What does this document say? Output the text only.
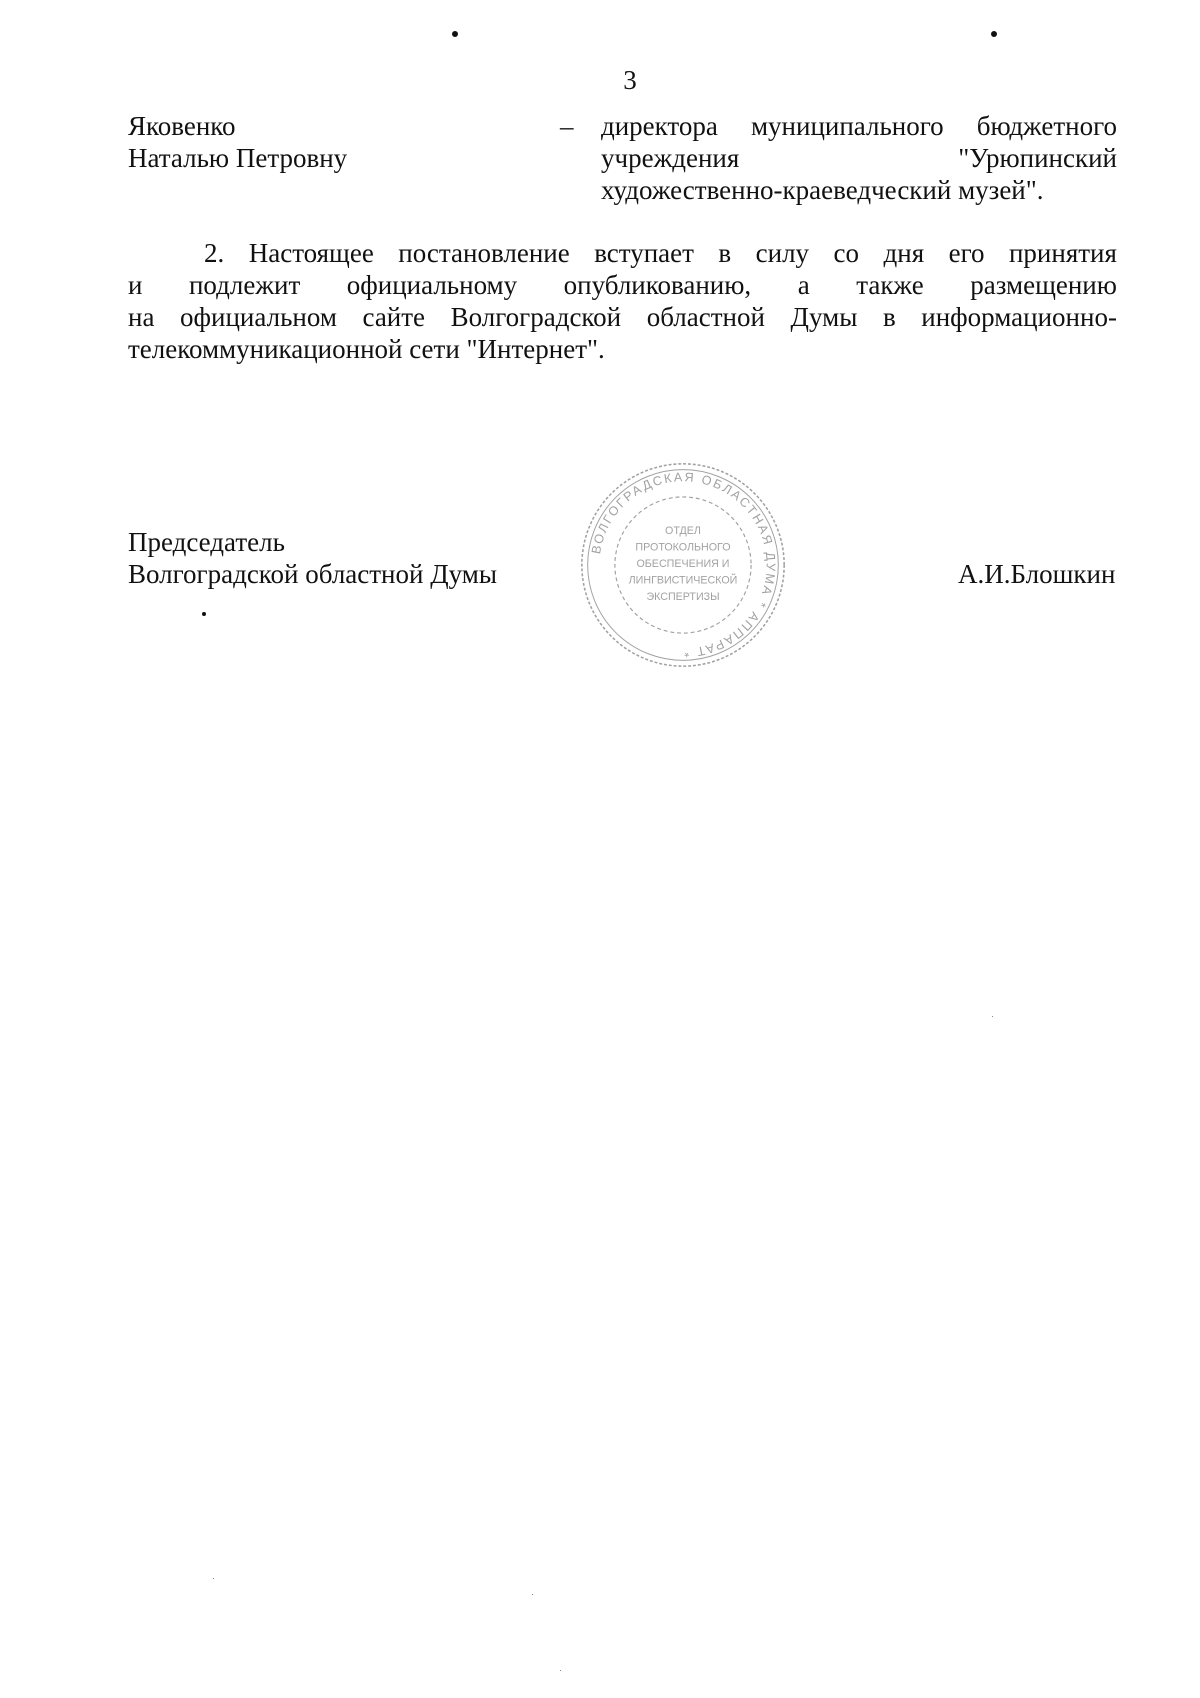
3
Яковенко
Наталью Петровну
– директора муниципального бюджетного
учреждения	"Урюпинский
художественно-краеведческий музей".
2. Настоящее постановление вступает в силу со дня его принятия
и подлежит официальному опубликованию, а также размещению
на официальном сайте Волгоградской областной Думы в информационно-
телекоммуникационной сети "Интернет".
Председатель
Волгоградской областной Думы	А.И.Блошкин
ВОЛГОГРАДСКАЯ ОБЛАСТНАЯ ДУМА * АППАРАТ *
ОТДЕЛ
ПРОТОКОЛЬНОГО
ОБЕСПЕЧЕНИЯ И
ЛИНГВИСТИЧЕСКОЙ
ЭКСПЕРТИЗЫ
